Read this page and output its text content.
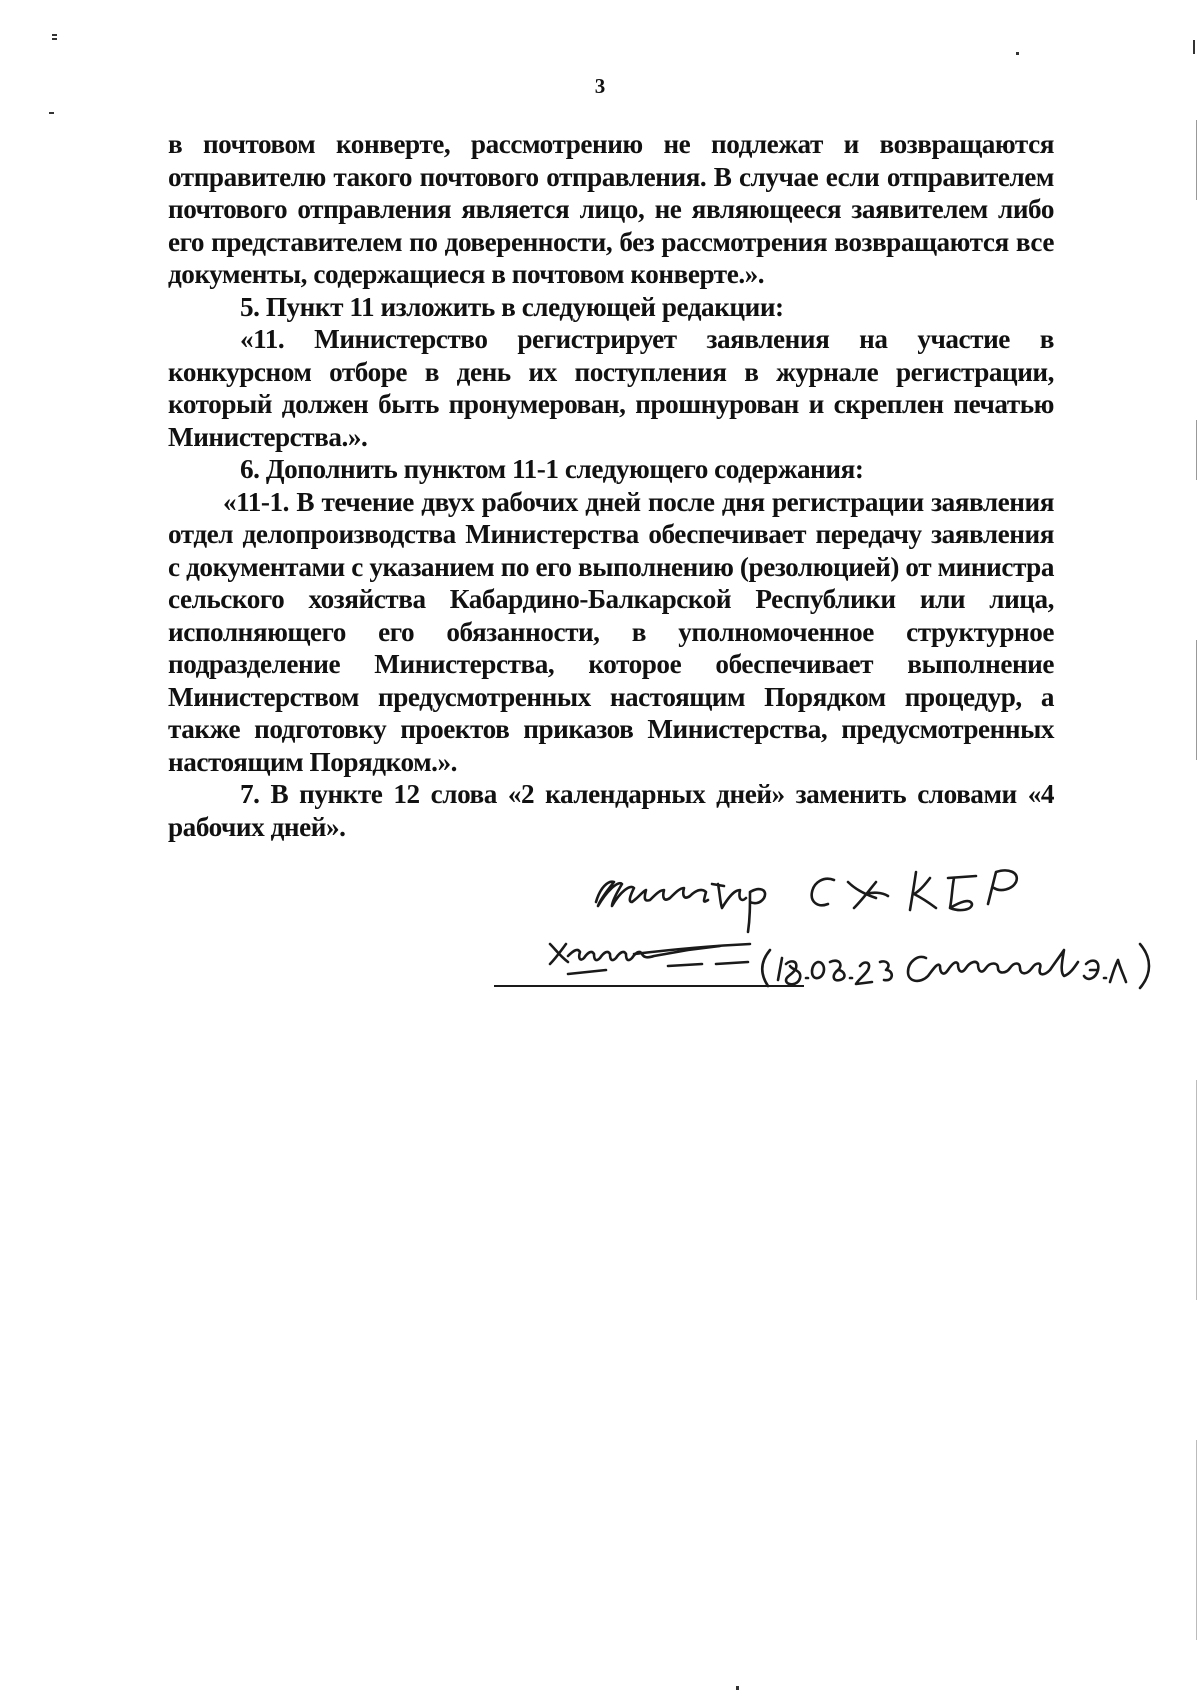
3

в почтовом конверте, рассмотрению не подлежат и возвращаются отправителю такого почтового отправления. В случае если отправителем почтового отправления является лицо, не являющееся заявителем либо его представителем по доверенности, без рассмотрения возвращаются все документы, содержащиеся в почтовом конверте.».

5. Пункт 11 изложить в следующей редакции:

«11. Министерство регистрирует заявления на участие в конкурсном отборе в день их поступления в журнале регистрации, который должен быть пронумерован, прошнурован и скреплен печатью Министерства.».

6. Дополнить пунктом 11-1 следующего содержания:

«11-1. В течение двух рабочих дней после дня регистрации заявления отдел делопроизводства Министерства обеспечивает передачу заявления с документами с указанием по его выполнению (резолюцией) от министра сельского хозяйства Кабардино-Балкарской Республики или лица, исполняющего его обязанности, в уполномоченное структурное подразделение Министерства, которое обеспечивает выполнение Министерством предусмотренных настоящим Порядком процедур, а также подготовку проектов приказов Министерства, предусмотренных настоящим Порядком.».

7. В пункте 12 слова «2 календарных дней» заменить словами «4 рабочих дней».
